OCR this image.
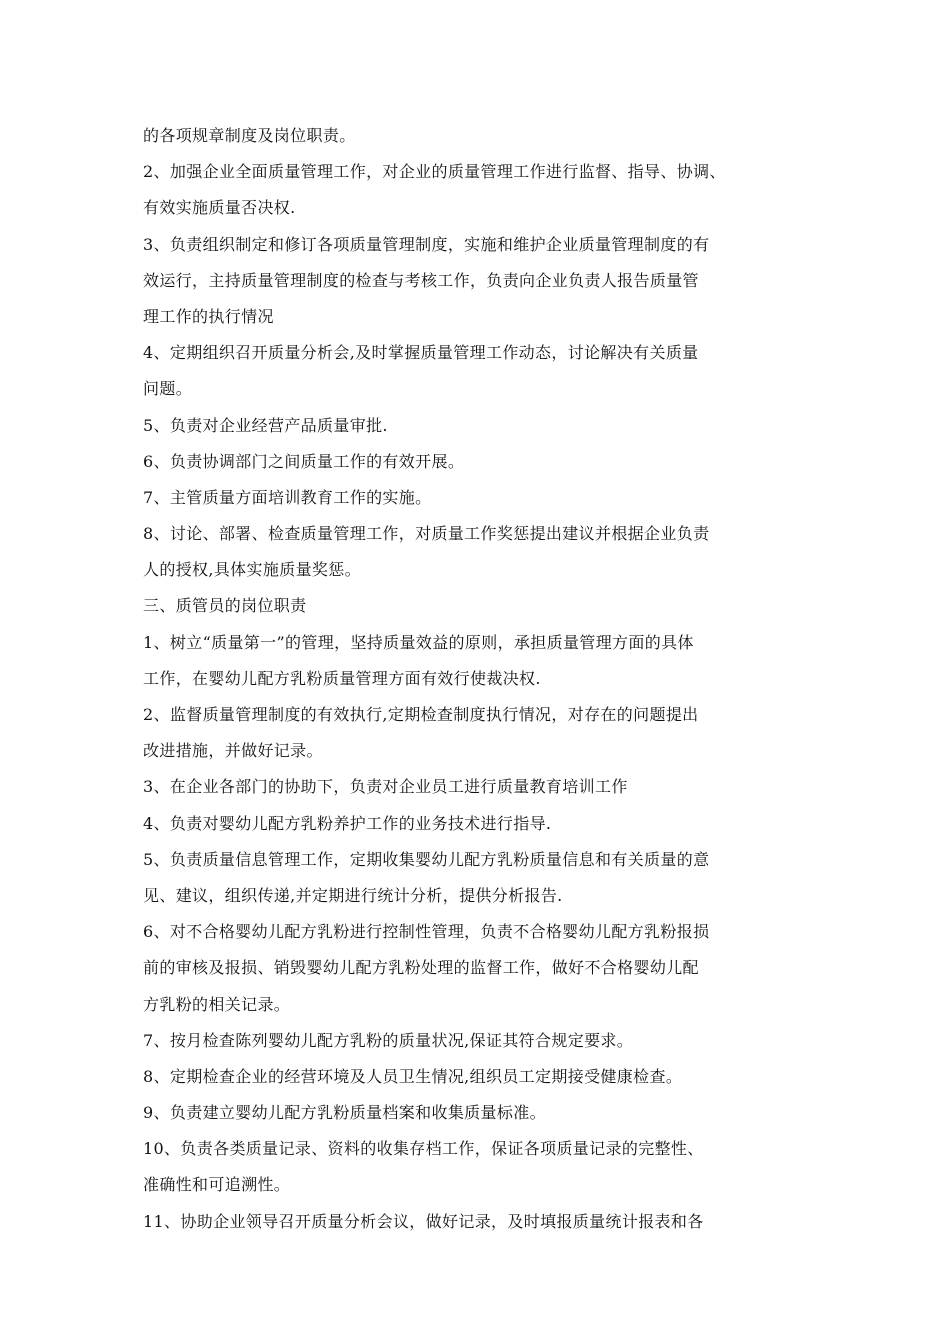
的各项规章制度及岗位职责。
2、加强企业全面质量管理工作，对企业的质量管理工作进行监督、指导、协调、
有效实施质量否决权.
3、负责组织制定和修订各项质量管理制度，实施和维护企业质量管理制度的有
效运行，主持质量管理制度的检查与考核工作，负责向企业负责人报告质量管
理工作的执行情况
4、定期组织召开质量分析会,及时掌握质量管理工作动态，讨论解决有关质量
问题。
5、负责对企业经营产品质量审批.
6、负责协调部门之间质量工作的有效开展。
7、主管质量方面培训教育工作的实施。
8、讨论、部署、检查质量管理工作，对质量工作奖惩提出建议并根据企业负责
人的授权,具体实施质量奖惩。
三、质管员的岗位职责
1、树立“质量第一”的管理，坚持质量效益的原则，承担质量管理方面的具体
工作，在婴幼儿配方乳粉质量管理方面有效行使裁决权.
2、监督质量管理制度的有效执行,定期检查制度执行情况，对存在的问题提出
改进措施，并做好记录。
3、在企业各部门的协助下，负责对企业员工进行质量教育培训工作
4、负责对婴幼儿配方乳粉养护工作的业务技术进行指导.
5、负责质量信息管理工作，定期收集婴幼儿配方乳粉质量信息和有关质量的意
见、建议，组织传递,并定期进行统计分析，提供分析报告.
6、对不合格婴幼儿配方乳粉进行控制性管理，负责不合格婴幼儿配方乳粉报损
前的审核及报损、销毁婴幼儿配方乳粉处理的监督工作，做好不合格婴幼儿配
方乳粉的相关记录。
7、按月检查陈列婴幼儿配方乳粉的质量状况,保证其符合规定要求。
8、定期检查企业的经营环境及人员卫生情况,组织员工定期接受健康检查。
9、负责建立婴幼儿配方乳粉质量档案和收集质量标准。
10、负责各类质量记录、资料的收集存档工作，保证各项质量记录的完整性、
准确性和可追溯性。
11、协助企业领导召开质量分析会议，做好记录，及时填报质量统计报表和各
